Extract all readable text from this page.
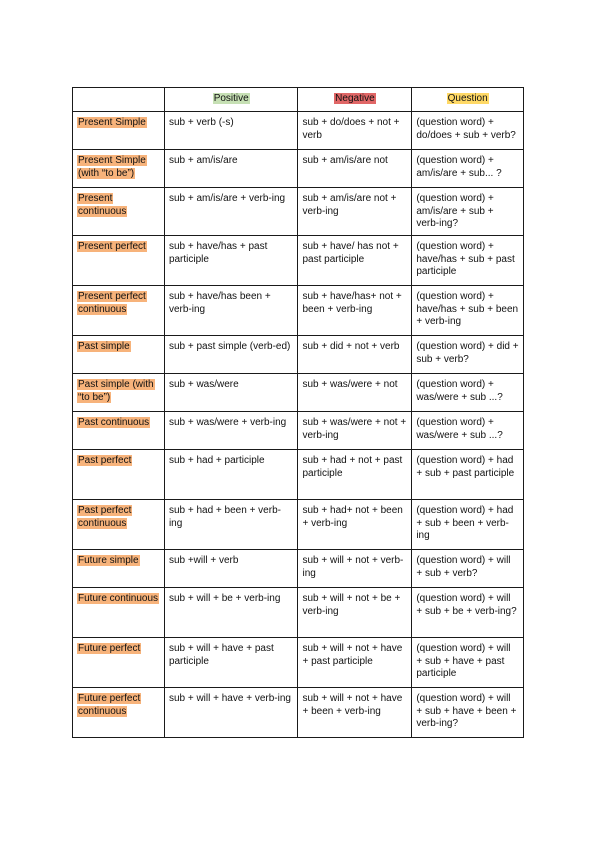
	Positive	Negative	Question
Present Simple	sub + verb (-s)	sub + do/does + not + verb	(question word) + do/does + sub + verb?
Present Simple (with “to be”)	sub + am/is/are	sub + am/is/are not	(question word) + am/is/are + sub... ?
Present continuous	sub + am/is/are + verb-ing	sub + am/is/are not + verb-ing	(question word) + am/is/are + sub + verb-ing?
Present perfect	sub + have/has + past participle	sub + have/ has not + past participle	(question word) + have/has + sub + past participle
Present perfect continuous	sub + have/has been + verb-ing	sub + have/has+ not + been + verb-ing	(question word) + have/has + sub + been + verb-ing
Past simple	sub + past simple (verb-ed)	sub + did + not + verb	(question word) + did + sub + verb?
Past simple (with “to be”)	sub + was/were	sub + was/were + not	(question word) + was/were + sub ...?
Past continuous	sub + was/were + verb-ing	sub + was/were + not + verb-ing	(question word) + was/were + sub ...?
Past perfect	sub + had + participle	sub + had + not + past participle	(question word) + had + sub + past participle
Past perfect continuous	sub + had + been + verb-ing	sub + had+ not + been + verb-ing	(question word) + had + sub + been + verb-ing
Future simple	sub +will + verb	sub + will + not + verb-ing	(question word) + will + sub + verb?
Future continuous	sub + will + be + verb-ing	sub + will + not + be + verb-ing	(question word) + will + sub + be + verb-ing?
Future perfect	sub + will + have + past participle	sub + will + not + have + past participle	(question word) + will + sub + have + past participle
Future perfect continuous	sub + will + have + verb-ing	sub + will + not + have + been + verb-ing	(question word) + will + sub + have + been + verb-ing?
